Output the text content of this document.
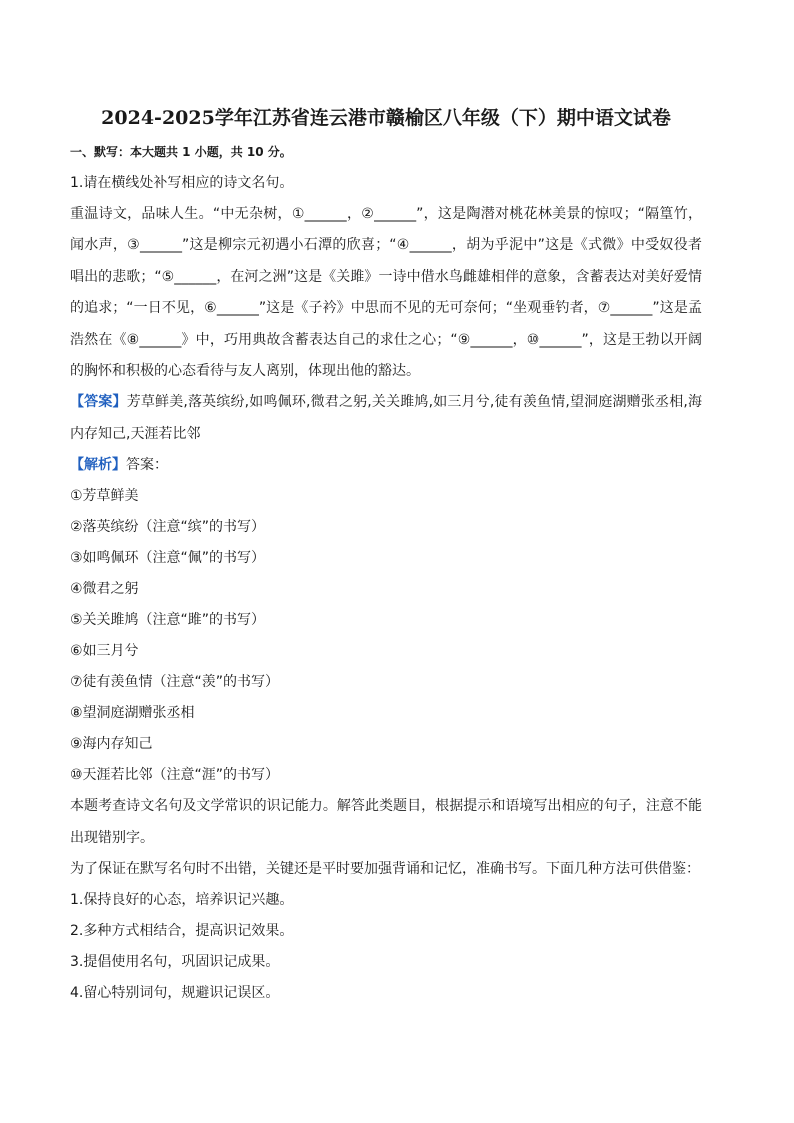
2024-2025学年江苏省连云港市赣榆区八年级（下）期中语文试卷
一、默写：本大题共 1 小题，共 10 分。

1.请在横线处补写相应的诗文名句。

重温诗文，品味人生。“中无杂树，①______，②______”，这是陶潜对桃花林美景的惊叹；“隔篁竹，闻水声，③______”这是柳宗元初遇小石潭的欣喜；“④______，胡为乎泥中”这是《式微》中受奴役者唱出的悲歌；“⑤______，在河之洲”这是《关雎》一诗中借水鸟雌雄相伴的意象，含蓄表达对美好爱情的追求；“一日不见，⑥______”这是《子衿》中思而不见的无可奈何；“坐观垂钓者，⑦______”这是孟浩然在《⑧______》中，巧用典故含蓄表达自己的求仕之心；“⑨______，⑩______”，这是王勃以开阔的胸怀和积极的心态看待与友人离别，体现出他的豁达。

【答案】芳草鲜美,落英缤纷,如鸣佩环,微君之躬,关关雎鸠,如三月兮,徒有羡鱼情,望洞庭湖赠张丞相,海内存知己,天涯若比邻

【解析】答案：

①芳草鲜美
②落英缤纷（注意“缤”的书写）
③如鸣佩环（注意“佩”的书写）
④微君之躬
⑤关关雎鸠（注意“雎”的书写）
⑥如三月兮
⑦徒有羡鱼情（注意“羡”的书写）
⑧望洞庭湖赠张丞相
⑨海内存知己
⑩天涯若比邻（注意“涯”的书写）

本题考查诗文名句及文学常识的识记能力。解答此类题目，根据提示和语境写出相应的句子，注意不能出现错别字。

为了保证在默写名句时不出错，关键还是平时要加强背诵和记忆，准确书写。下面几种方法可供借鉴：

1.保持良好的心态，培养识记兴趣。
2.多种方式相结合，提高识记效果。
3.提倡使用名句，巩固识记成果。
4.留心特别词句，规避识记误区。
